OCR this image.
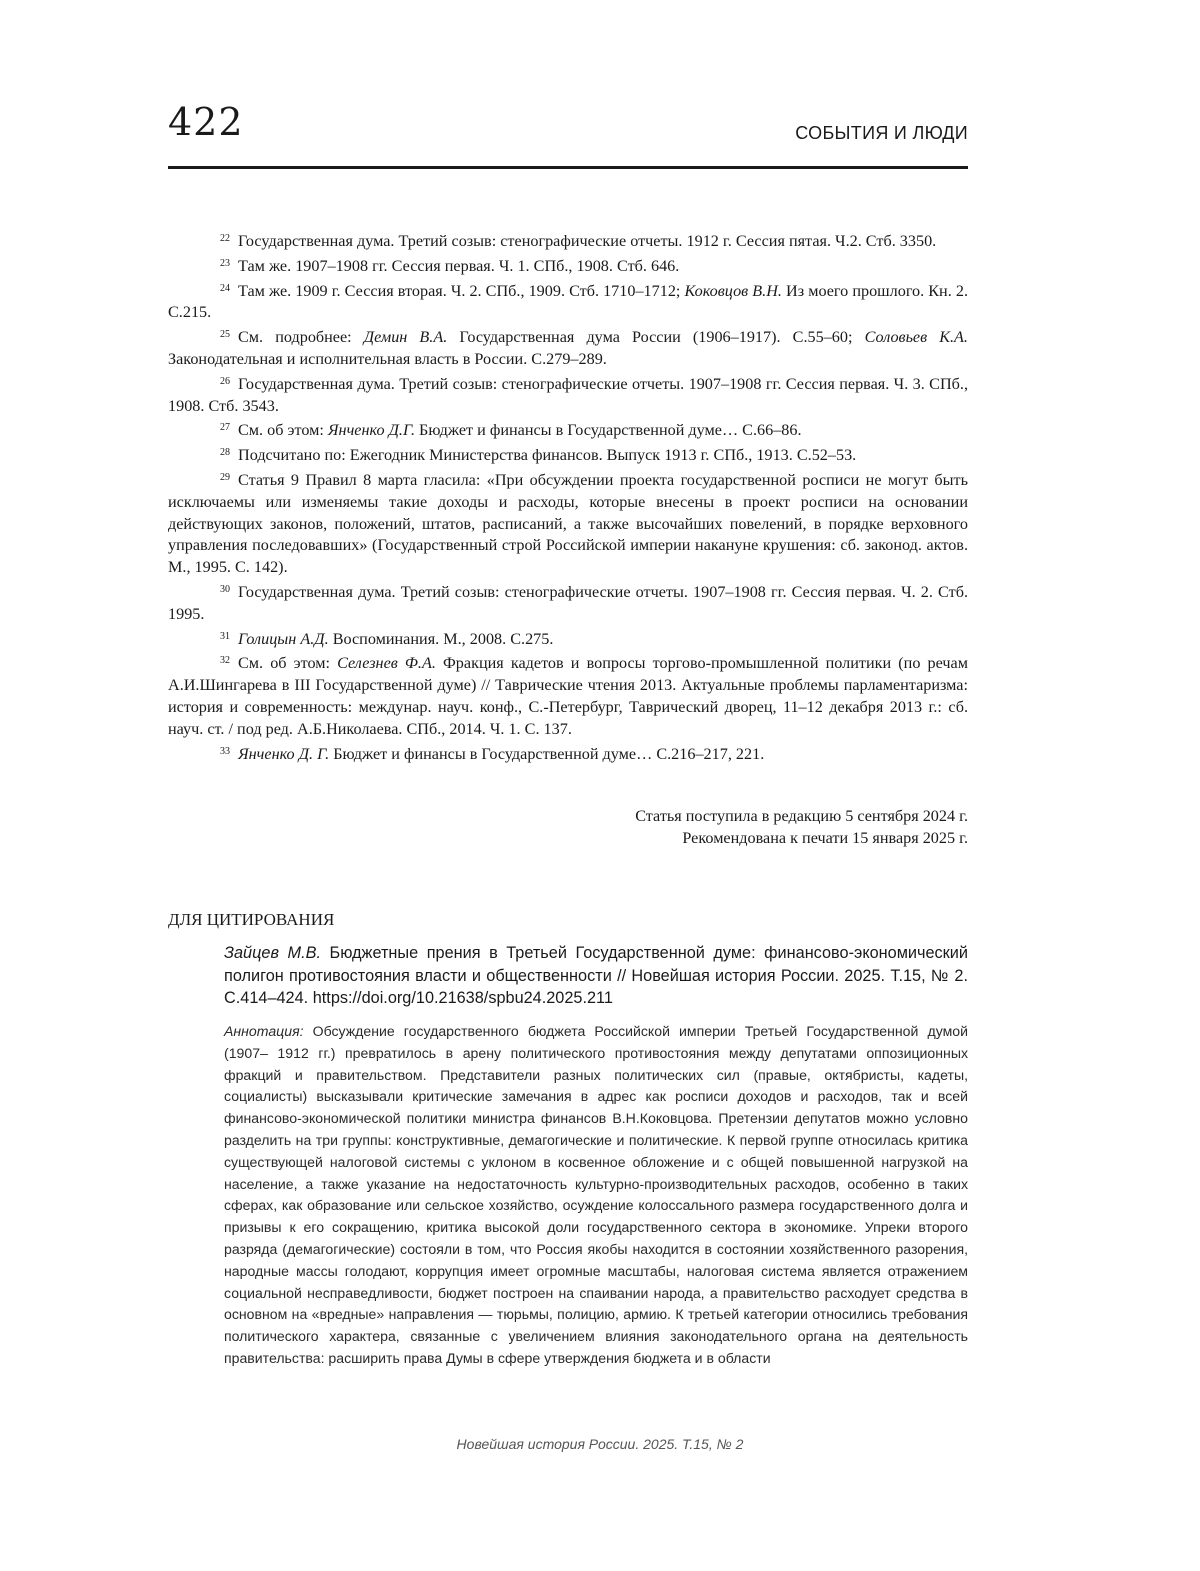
422	СОБЫТИЯ И ЛЮДИ

$^{22}$ Государственная дума. Третий созыв: стенографические отчеты. 1912 г. Сессия пятая. Ч.2. Стб. 3350.

$^{23}$ Там же. 1907–1908 гг. Сессия первая. Ч. 1. СПб., 1908. Стб. 646.

$^{24}$ Там же. 1909 г. Сессия вторая. Ч. 2. СПб., 1909. Стб. 1710–1712; Коковцов В.Н. Из моего прошлого. Кн. 2. С.215.

$^{25}$ См. подробнее: Демин В.А. Государственная дума России (1906–1917). С.55–60; Соловьев К.А. Законодательная и исполнительная власть в России. С.279–289.

$^{26}$ Государственная дума. Третий созыв: стенографические отчеты. 1907–1908 гг. Сессия первая. Ч. 3. СПб., 1908. Стб. 3543.

$^{27}$ См. об этом: Янченко Д.Г. Бюджет и финансы в Государственной думе… С.66–86.

$^{28}$ Подсчитано по: Ежегодник Министерства финансов. Выпуск 1913 г. СПб., 1913. С.52–53.

$^{29}$ Статья 9 Правил 8 марта гласила: «При обсуждении проекта государственной росписи не могут быть исключаемы или изменяемы такие доходы и расходы, которые внесены в проект росписи на основании действующих законов, положений, штатов, расписаний, а также высочайших повелений, в порядке верховного управления последовавших» (Государственный строй Российской империи накануне крушения: сб. законод. актов. М., 1995. С. 142).

$^{30}$ Государственная дума. Третий созыв: стенографические отчеты. 1907–1908 гг. Сессия первая. Ч. 2. Стб. 1995.

$^{31}$ Голицын А.Д. Воспоминания. М., 2008. С.275.

$^{32}$ См. об этом: Селезнев Ф.А. Фракция кадетов и вопросы торгово-промышленной политики (по речам А.И.Шингарева в III Государственной думе) // Таврические чтения 2013. Актуальные проблемы парламентаризма: история и современность: междунар. науч. конф., С.-Петербург, Таврический дворец, 11–12 декабря 2013 г.: сб. науч. ст. / под ред. А.Б.Николаева. СПб., 2014. Ч. 1. С. 137.

$^{33}$ Янченко Д. Г. Бюджет и финансы в Государственной думе… С.216–217, 221.

Статья поступила в редакцию 5 сентября 2024 г.
Рекомендована к печати 15 января 2025 г.
ДЛЯ ЦИТИРОВАНИЯ
Зайцев М.В. Бюджетные прения в Третьей Государственной думе: финансово-экономический полигон противостояния власти и общественности // Новейшая история России. 2025. Т.15, № 2. С.414–424. https://doi.org/10.21638/spbu24.2025.211
Аннотация: Обсуждение государственного бюджета Российской империи Третьей Государственной думой (1907– 1912 гг.) превратилось в арену политического противостояния между депутатами оппозиционных фракций и правительством. Представители разных политических сил (правые, октябристы, кадеты, социалисты) высказывали критические замечания в адрес как росписи доходов и расходов, так и всей финансово-экономической политики министра финансов В.Н.Коковцова. Претензии депутатов можно условно разделить на три группы: конструктивные, демагогические и политические. К первой группе относилась критика существующей налоговой системы с уклоном в косвенное обложение и с общей повышенной нагрузкой на население, а также указание на недостаточность культурно-производительных расходов, особенно в таких сферах, как образование или сельское хозяйство, осуждение колоссального размера государственного долга и призывы к его сокращению, критика высокой доли государственного сектора в экономике. Упреки второго разряда (демагогические) состояли в том, что Россия якобы находится в состоянии хозяйственного разорения, народные массы голодают, коррупция имеет огромные масштабы, налоговая система является отражением социальной несправедливости, бюджет построен на спаивании народа, а правительство расходует средства в основном на «вредные» направления — тюрьмы, полицию, армию. К третьей категории относились требования политического характера, связанные с увеличением влияния законодательного органа на деятельность правительства: расширить права Думы в сфере утверждения бюджета и в области
Новейшая история России. 2025. Т.15, № 2
